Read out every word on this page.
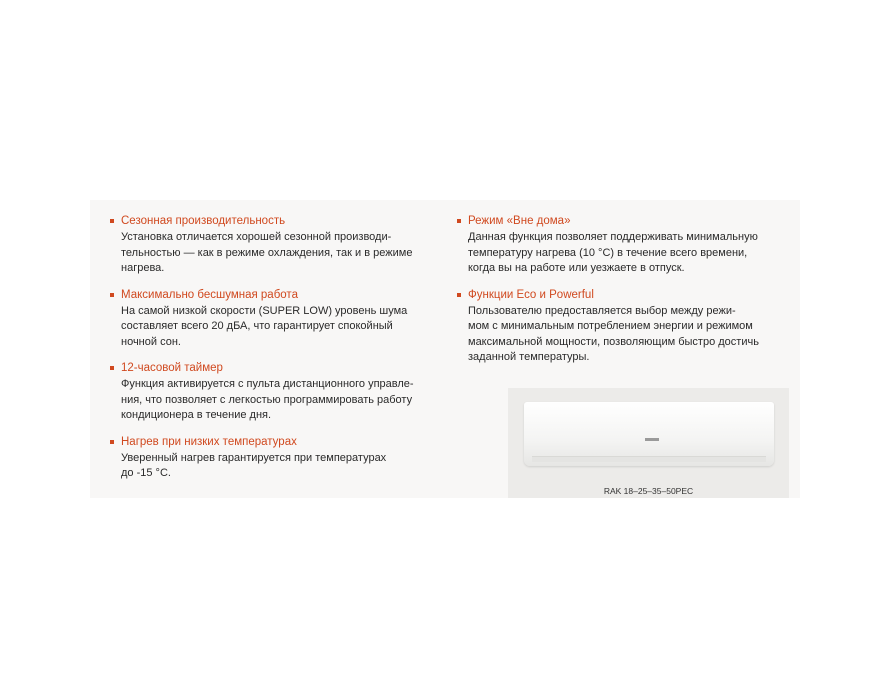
Сезонная производительность
Установка отличается хорошей сезонной производи-
тельностью — как в режиме охлаждения, так и в режиме
нагрева.
Максимально бесшумная работа
На самой низкой скорости (SUPER LOW) уровень шума
составляет всего 20 дБА, что гарантирует спокойный
ночной сон.
12-часовой таймер
Функция активируется с пульта дистанционного управле-
ния, что позволяет с легкостью программировать работу
кондиционера в течение дня.
Нагрев при низких температурах
Уверенный нагрев гарантируется при температурах
до -15 °C.
Режим «Вне дома»
Данная функция позволяет поддерживать минимальную
температуру нагрева (10 °C) в течение всего времени,
когда вы на работе или уезжаете в отпуск.
Функции Eco и Powerful
Пользователю предоставляется выбор между режи-
мом с минимальным потреблением энергии и режимом
максимальной мощности, позволяющим быстро достичь
заданной температуры.
RAK 18–25–35–50PEC
